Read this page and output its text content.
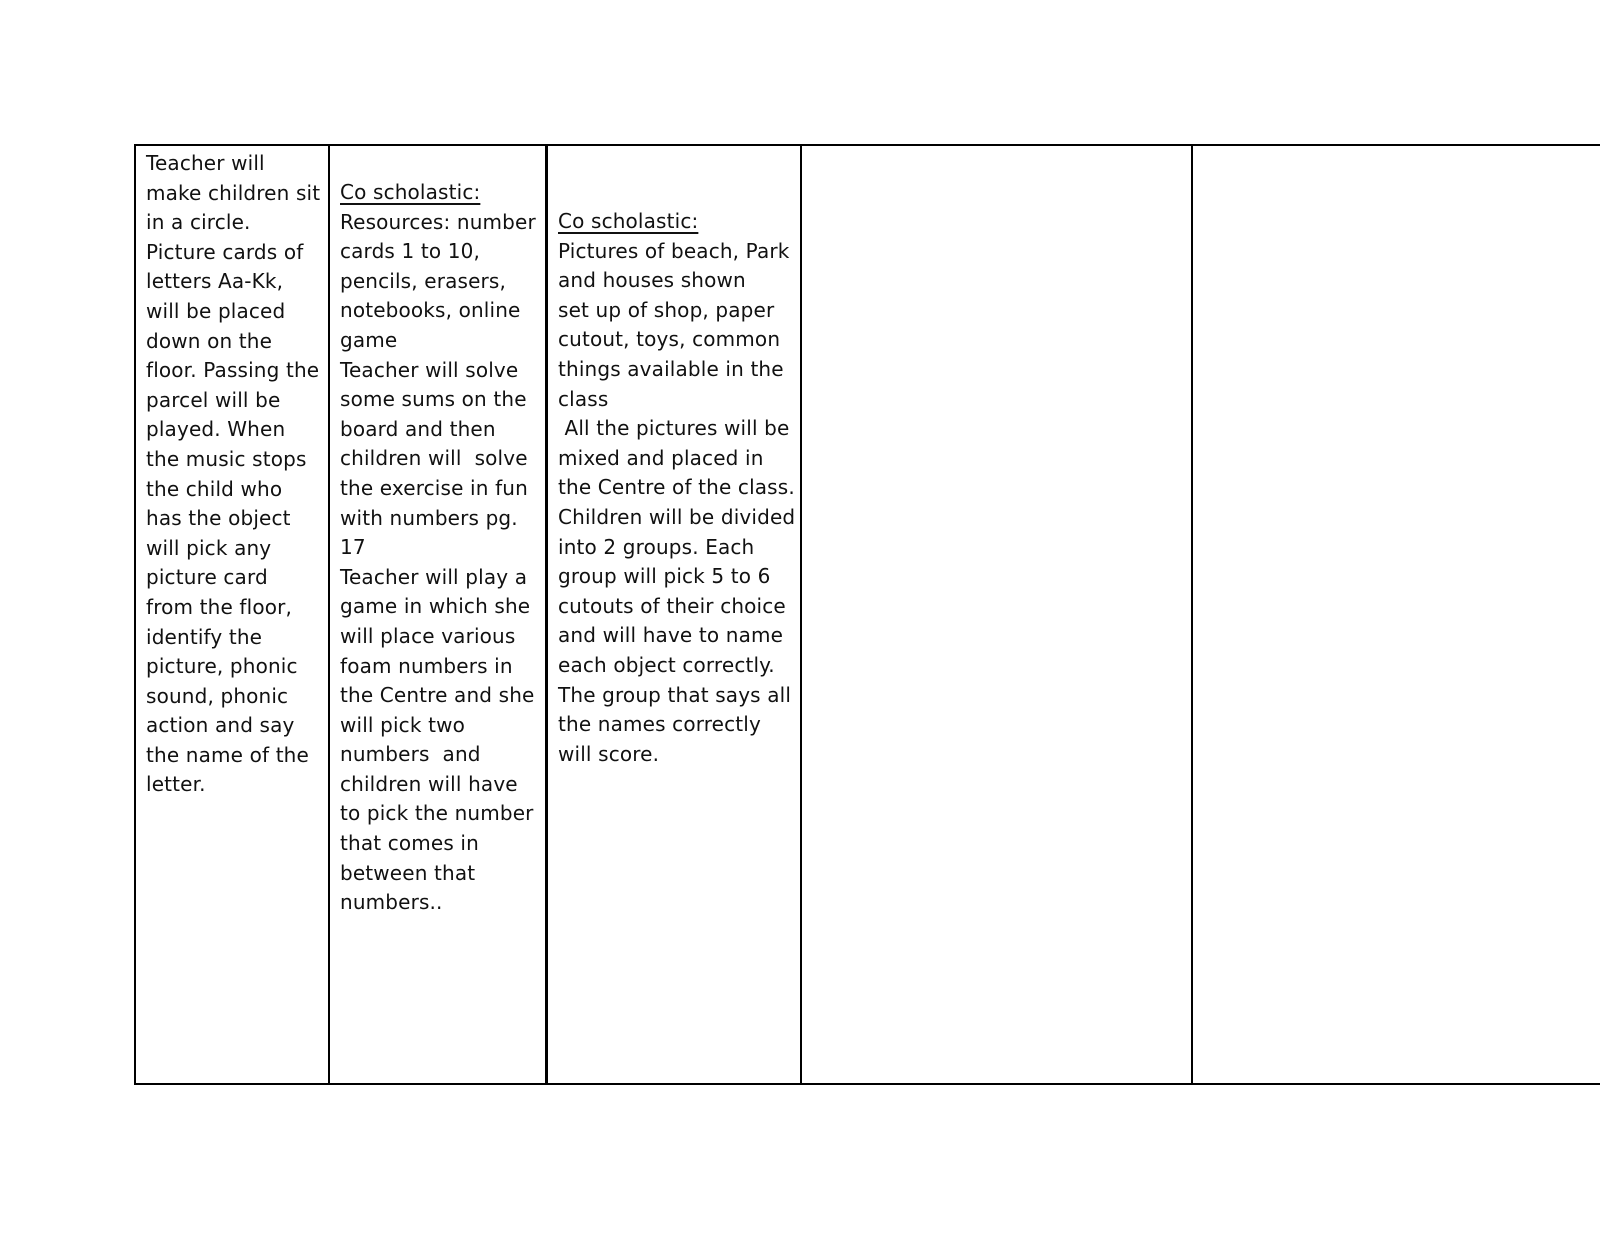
Teacher will
make children sit
in a circle.
Picture cards of
letters Aa-Kk,
will be placed
down on the
floor. Passing the
parcel will be
played. When
the music stops
the child who
has the object
will pick any
picture card
from the floor,
identify the
picture, phonic
sound, phonic
action and say
the name of the
letter.
Co scholastic:
Resources: number
cards 1 to 10,
pencils, erasers,
notebooks, online
game
Teacher will solve
some sums on the
board and then
children will  solve
the exercise in fun
with numbers pg.
17
Teacher will play a
game in which she
will place various
foam numbers in
the Centre and she
will pick two
numbers  and
children will have
to pick the number
that comes in
between that
numbers..
Co scholastic:
Pictures of beach, Park
and houses shown
set up of shop, paper
cutout, toys, common
things available in the
class
All the pictures will be
mixed and placed in
the Centre of the class.
Children will be divided
into 2 groups. Each
group will pick 5 to 6
cutouts of their choice
and will have to name
each object correctly.
The group that says all
the names correctly
will score.
